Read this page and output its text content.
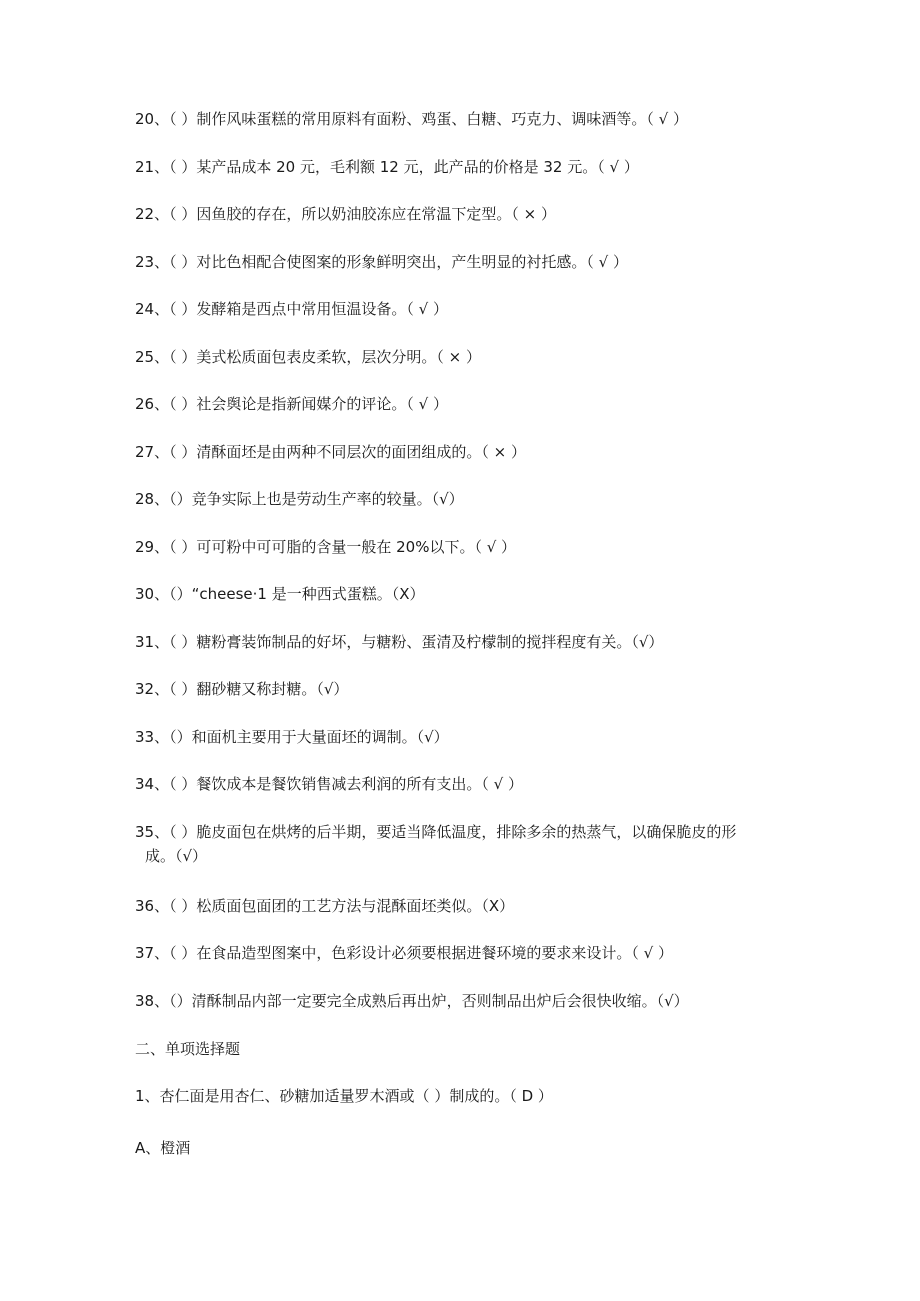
20、（ ）制作风味蛋糕的常用原料有面粉、鸡蛋、白糖、巧克力、调味酒等。（ √ ）
21、（ ）某产品成本 20 元，毛利额 12 元，此产品的价格是 32 元。（ √ ）
22、（ ）因鱼胶的存在，所以奶油胶冻应在常温下定型。（ × ）
23、（ ）对比色相配合使图案的形象鲜明突出，产生明显的衬托感。（ √ ）
24、（ ）发酵箱是西点中常用恒温设备。（ √ ）
25、（ ）美式松质面包表皮柔软，层次分明。（ × ）
26、（ ）社会舆论是指新闻媒介的评论。（ √ ）
27、（ ）清酥面坯是由两种不同层次的面团组成的。（ × ）
28、（）竞争实际上也是劳动生产率的较量。（√）
29、（ ）可可粉中可可脂的含量一般在 20%以下。（ √ ）
30、（）“cheese·1 是一种西式蛋糕。（X）
31、（ ）糖粉膏装饰制品的好坏，与糖粉、蛋清及柠檬制的搅拌程度有关。（√）
32、（ ）翻砂糖又称封糖。（√）
33、（）和面机主要用于大量面坯的调制。（√）
34、（ ）餐饮成本是餐饮销售减去利润的所有支出。（ √ ）
35、（ ）脆皮面包在烘烤的后半期，要适当降低温度，排除多余的热蒸气，以确保脆皮的形
成。（√）
36、（ ）松质面包面团的工艺方法与混酥面坯类似。（X）
37、（ ）在食品造型图案中，色彩设计必须要根据进餐环境的要求来设计。（ √ ）
38、（）清酥制品内部一定要完全成熟后再出炉，否则制品出炉后会很快收缩。（√）
二、单项选择题
1、杏仁面是用杏仁、砂糖加适量罗木酒或（ ）制成的。（ D ）
A、橙酒
